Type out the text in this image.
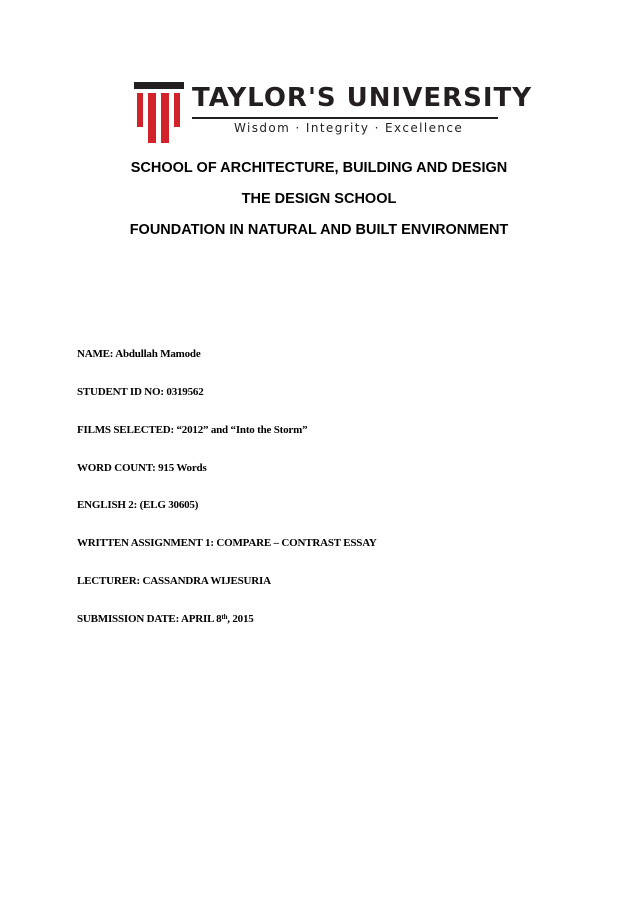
TAYLOR'S UNIVERSITY
Wisdom · Integrity · Excellence
SCHOOL OF ARCHITECTURE, BUILDING AND DESIGN
THE DESIGN SCHOOL
FOUNDATION IN NATURAL AND BUILT ENVIRONMENT
NAME: Abdullah Mamode
STUDENT ID NO: 0319562
FILMS SELECTED: “2012” and “Into the Storm”
WORD COUNT: 915 Words
ENGLISH 2: (ELG 30605)
WRITTEN ASSIGNMENT 1: COMPARE – CONTRAST ESSAY
LECTURER: CASSANDRA WIJESURIA
SUBMISSION DATE: APRIL 8th, 2015
